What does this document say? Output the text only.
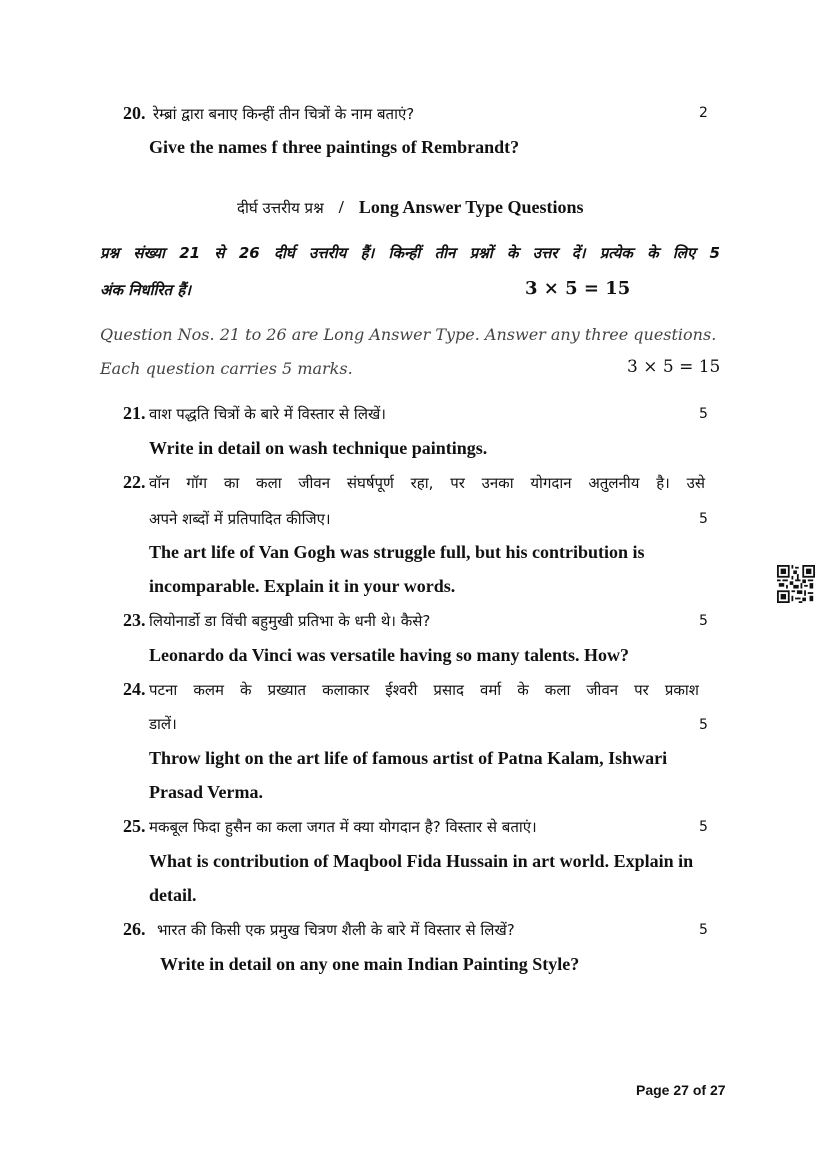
20. रेम्ब्रां द्वारा बनाए किन्हीं तीन चित्रों के नाम बताएं?	2
Give the names f three paintings of Rembrandt?
दीर्घ उत्तरीय प्रश्न / Long Answer Type Questions
प्रश्न संख्या 21 से 26 दीर्घ उत्तरीय हैं। किन्हीं तीन प्रश्नों के उत्तर दें। प्रत्येक के लिए 5
अंक निर्धारित हैं।	3 × 5 = 15
Question Nos. 21 to 26 are Long Answer Type. Answer any three questions.
Each question carries 5 marks.	3 × 5 = 15
21. वाश पद्धति चित्रों के बारे में विस्तार से लिखें।	5
Write in detail on wash technique paintings.
22. वॉन गॉग का कला जीवन संघर्षपूर्ण रहा, पर उनका योगदान अतुलनीय है। उसे
अपने शब्दों में प्रतिपादित कीजिए।	5
The art life of Van Gogh was struggle full, but his contribution is
incomparable. Explain it in your words.
23. लियोनार्डो डा विंची बहुमुखी प्रतिभा के धनी थे। कैसे?	5
Leonardo da Vinci was versatile having so many talents. How?
24. पटना कलम के प्रख्यात कलाकार ईश्वरी प्रसाद वर्मा के कला जीवन पर प्रकाश
डालें।	5
Throw light on the art life of famous artist of Patna Kalam, Ishwari
Prasad Verma.
25. मकबूल फिदा हुसैन का कला जगत में क्या योगदान है? विस्तार से बताएं।	5
What is contribution of Maqbool Fida Hussain in art world. Explain in
detail.
26. भारत की किसी एक प्रमुख चित्रण शैली के बारे में विस्तार से लिखें?	5
Write in detail on any one main Indian Painting Style?
Page 27 of 27
